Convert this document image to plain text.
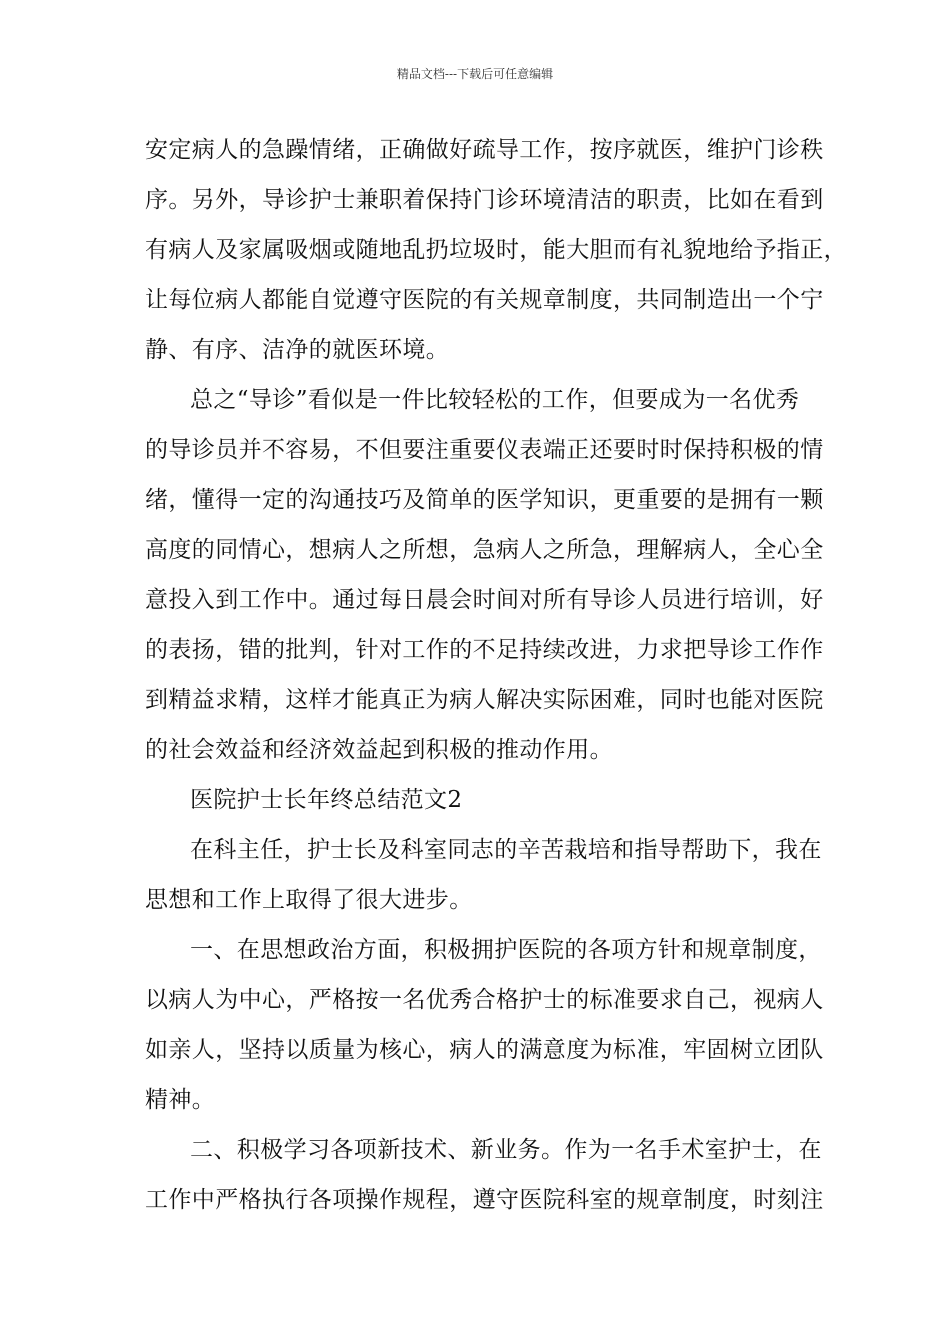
精品文档---下载后可任意编辑

安定病人的急躁情绪，正确做好疏导工作，按序就医，维护门诊秩

序。另外，导诊护士兼职着保持门诊环境清洁的职责，比如在看到

有病人及家属吸烟或随地乱扔垃圾时，能大胆而有礼貌地给予指正，

让每位病人都能自觉遵守医院的有关规章制度，共同制造出一个宁

静、有序、洁净的就医环境。

总之“导诊”看似是一件比较轻松的工作，但要成为一名优秀

的导诊员并不容易，不但要注重要仪表端正还要时时保持积极的情

绪，懂得一定的沟通技巧及简单的医学知识，更重要的是拥有一颗

高度的同情心，想病人之所想，急病人之所急，理解病人，全心全

意投入到工作中。通过每日晨会时间对所有导诊人员进行培训，好

的表扬，错的批判，针对工作的不足持续改进，力求把导诊工作作

到精益求精，这样才能真正为病人解决实际困难，同时也能对医院

的社会效益和经济效益起到积极的推动作用。

医院护士长年终总结范文2

在科主任，护士长及科室同志的辛苦栽培和指导帮助下，我在

思想和工作上取得了很大进步。

一、在思想政治方面，积极拥护医院的各项方针和规章制度，

以病人为中心，严格按一名优秀合格护士的标准要求自己，视病人

如亲人，坚持以质量为核心，病人的满意度为标准，牢固树立团队

精神。

二、积极学习各项新技术、新业务。作为一名手术室护士，在

工作中严格执行各项操作规程，遵守医院科室的规章制度，时刻注
